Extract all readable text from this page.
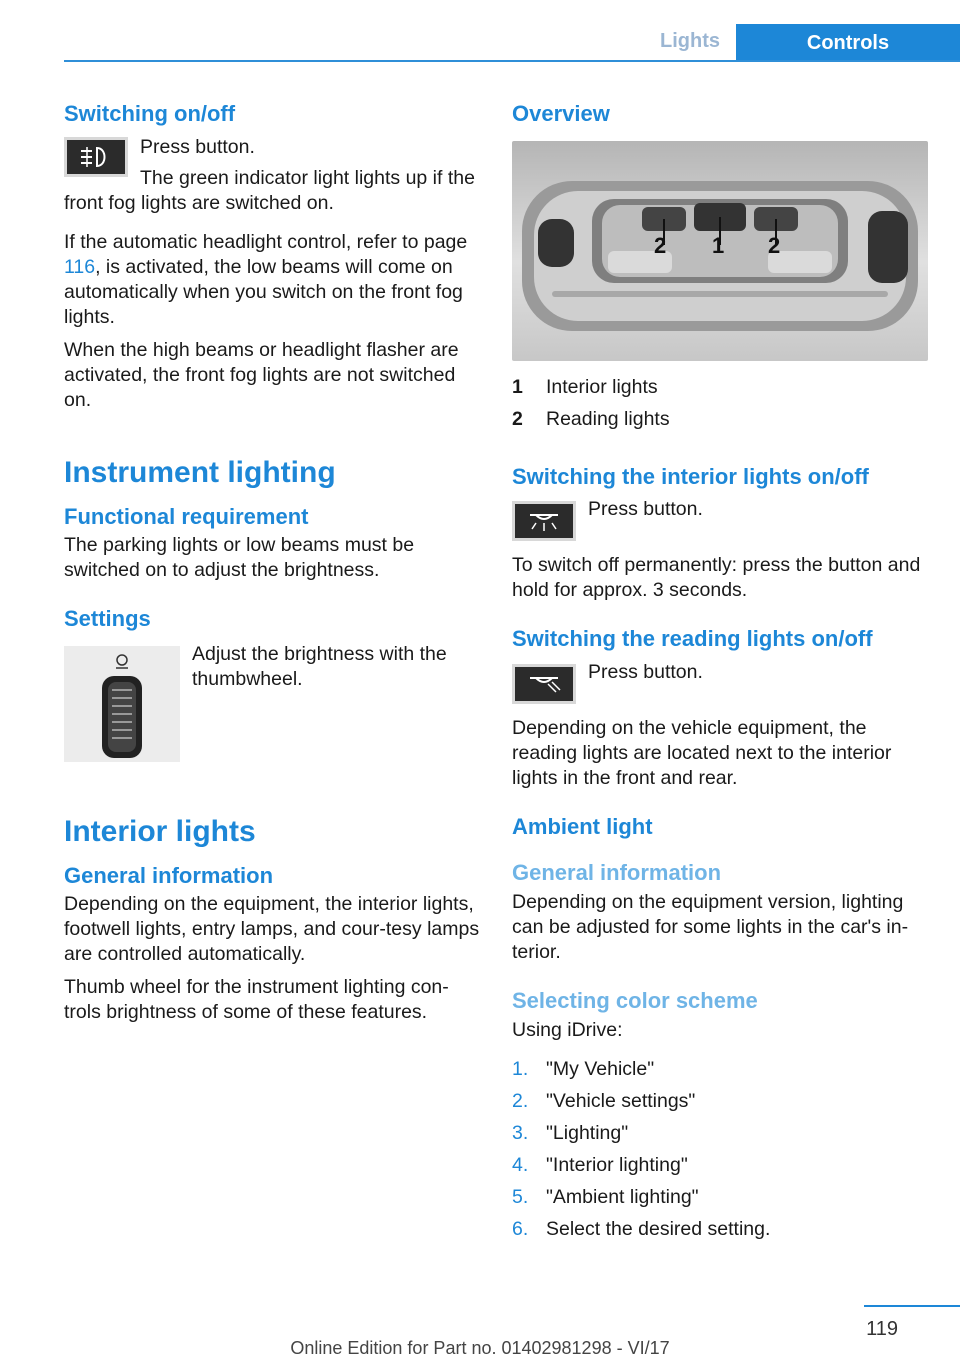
Lights	Controls
Switching on/off

Press button.

The green indicator light lights up if the front fog lights are switched on.

If the automatic headlight control, refer to page 116, is activated, the low beams will come on automatically when you switch on the front fog lights.

When the high beams or headlight flasher are activated, the front fog lights are not switched on.

Instrument lighting
Functional requirement

The parking lights or low beams must be switched on to adjust the brightness.

Settings

Adjust the brightness with the thumbwheel.

Interior lights
General information

Depending on the equipment, the interior lights, footwell lights, entry lamps, and cour‐tesy lamps are controlled automatically.

Thumb wheel for the instrument lighting con‐trols brightness of some of these features.

Overview
2 1 2
1	Interior lights
2	Reading lights
Switching the interior lights on/off

Press button.

To switch off permanently: press the button and hold for approx. 3 seconds.

Switching the reading lights on/off

Press button.

Depending on the vehicle equipment, the reading lights are located next to the interior lights in the front and rear.

Ambient light
General information

Depending on the equipment version, lighting can be adjusted for some lights in the car's in‐terior.

Selecting color scheme

Using iDrive:

1. "My Vehicle"
2. "Vehicle settings"
3. "Lighting"
4. "Interior lighting"
5. "Ambient lighting"
6. Select the desired setting.
119
Online Edition for Part no. 01402981298 - VI/17
